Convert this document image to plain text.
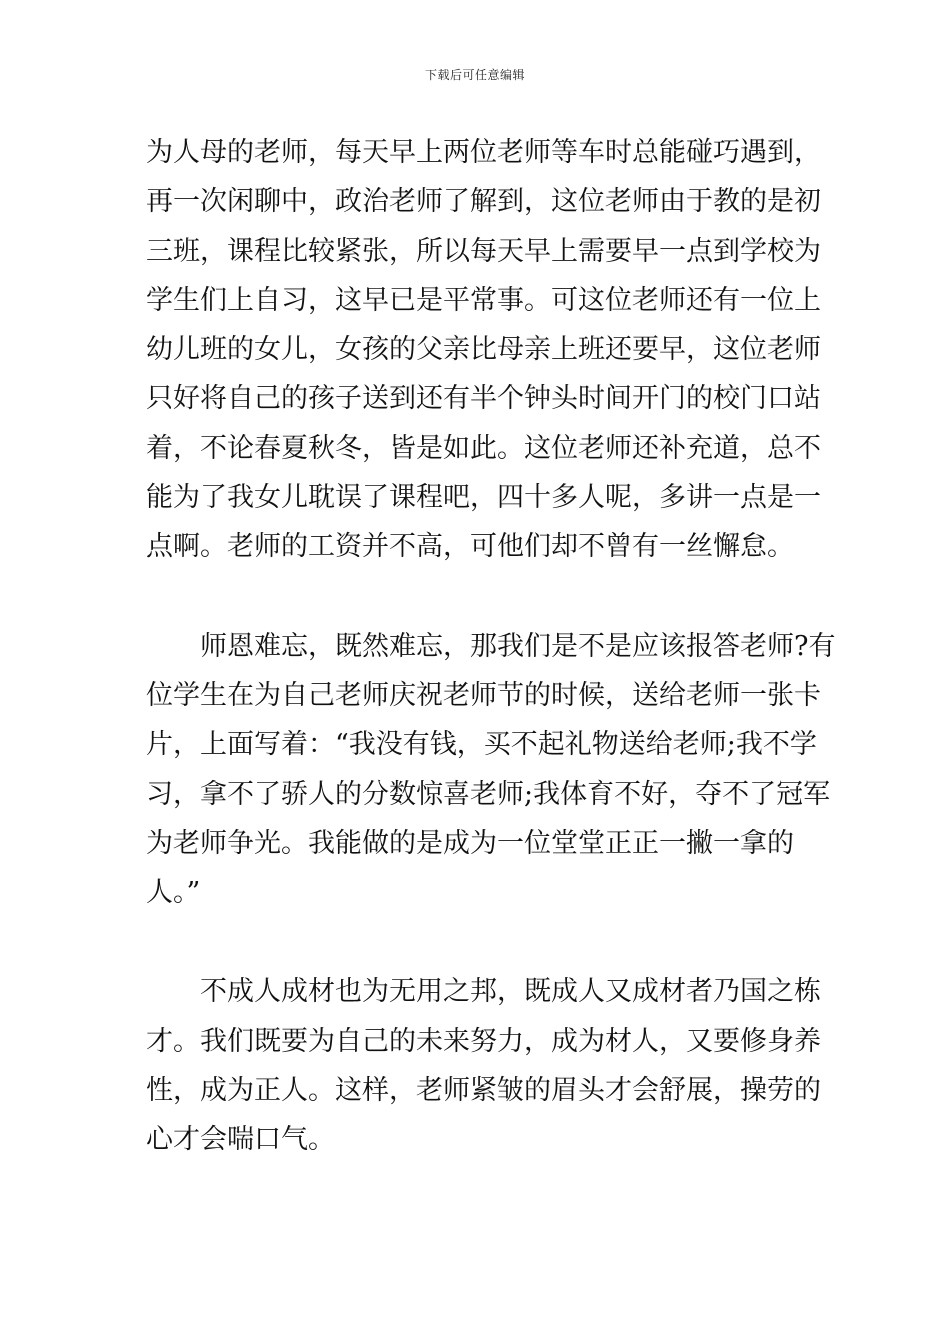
下载后可任意编辑
为人母的老师，每天早上两位老师等车时总能碰巧遇到，
再一次闲聊中，政治老师了解到，这位老师由于教的是初
三班，课程比较紧张，所以每天早上需要早一点到学校为
学生们上自习，这早已是平常事。可这位老师还有一位上
幼儿班的女儿，女孩的父亲比母亲上班还要早，这位老师
只好将自己的孩子送到还有半个钟头时间开门的校门口站
着，不论春夏秋冬，皆是如此。这位老师还补充道，总不
能为了我女儿耽误了课程吧，四十多人呢，多讲一点是一
点啊。老师的工资并不高，可他们却不曾有一丝懈怠。
师恩难忘，既然难忘，那我们是不是应该报答老师?有
位学生在为自己老师庆祝老师节的时候，送给老师一张卡
片，上面写着：“我没有钱，买不起礼物送给老师;我不学
习，拿不了骄人的分数惊喜老师;我体育不好，夺不了冠军
为老师争光。我能做的是成为一位堂堂正正一撇一拿的
人。”
不成人成材也为无用之邦，既成人又成材者乃国之栋
才。我们既要为自己的未来努力，成为材人，又要修身养
性，成为正人。这样，老师紧皱的眉头才会舒展，操劳的
心才会喘口气。
